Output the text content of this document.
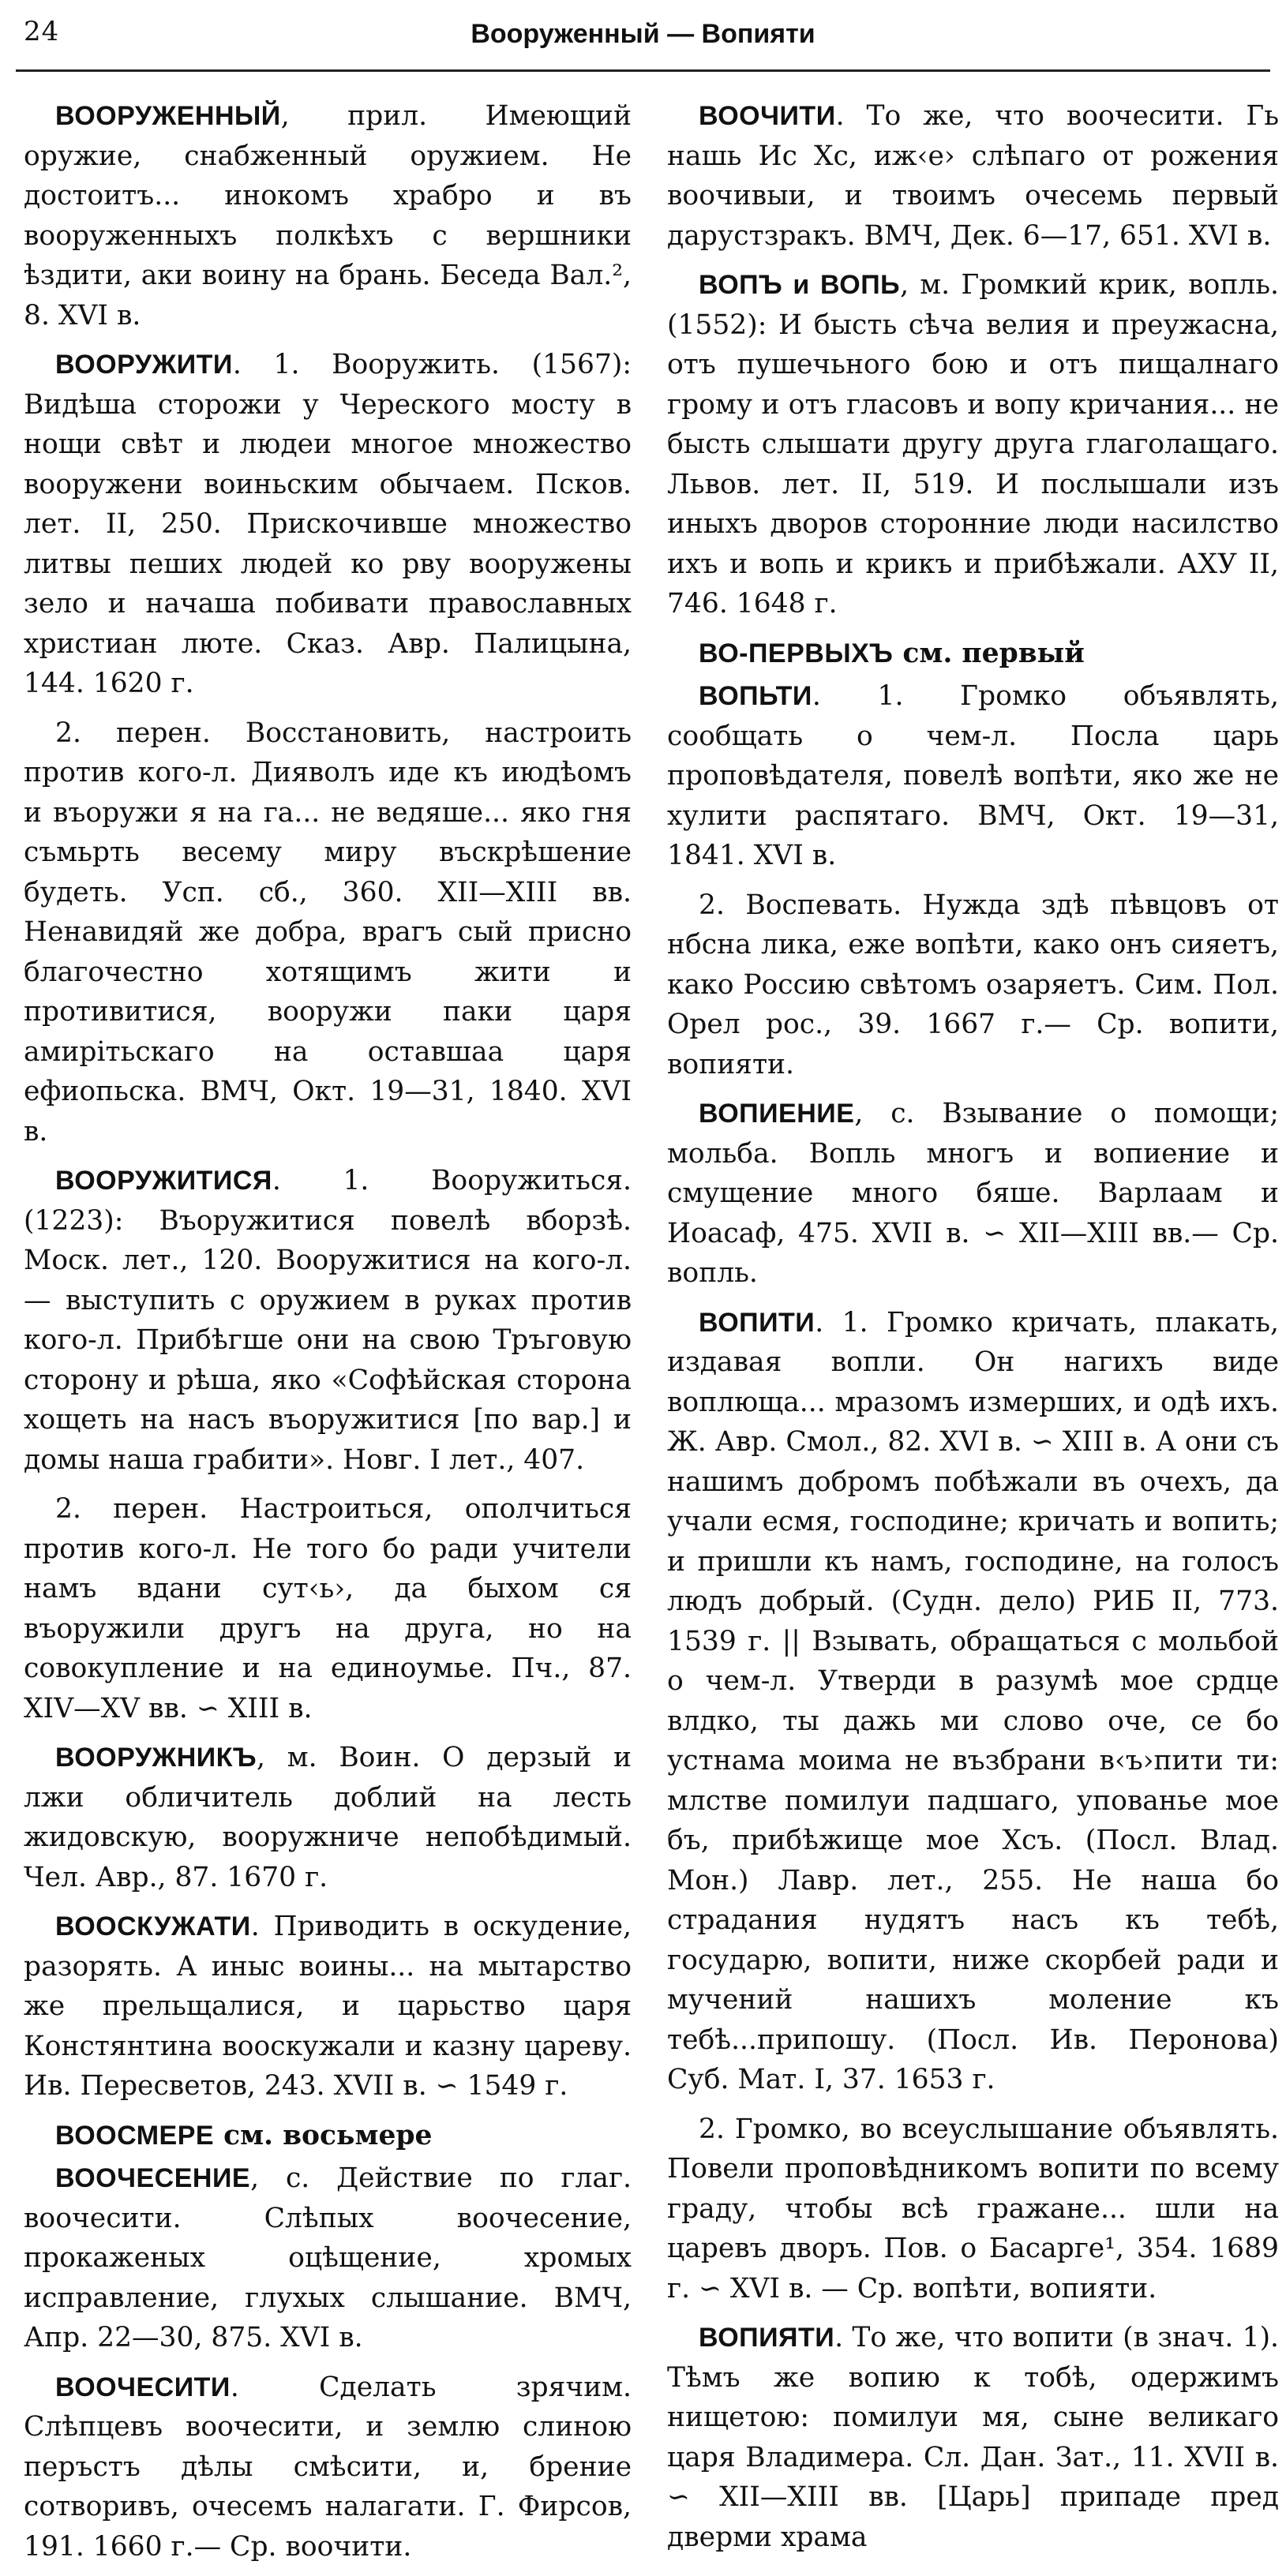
24	Вооруженный — Вопияти

ВООРУЖЕННЫЙ, прил. Имеющий оружие, снабженный оружием. Не достоитъ... инокомъ храбро и въ вооруженныхъ полкѣхъ с вершники ѣздити, аки воину на брань. Беседа Вал.², 8. XVI в.

ВООРУЖИТИ. 1. Вооружить. (1567): Видѣша сторожи у Череского мосту в нощи свѣт и людеи многое множество вооружени воиньским обычаем. Псков. лет. II, 250. Прискочивше множество литвы пеших людей ко рву вооружены зело и начаша побивати православных христиан люте. Сказ. Авр. Палицына, 144. 1620 г.

2. перен. Восстановить, настроить против кого-л. Дияволъ иде къ июдѣомъ и въоружи я на га... не ведяше... яко гня съмьрть весему миру въскрѣшение будеть. Усп. сб., 360. XII—XIII вв. Ненавидяй же добра, врагъ сый присно благочестно хотящимъ жити и противитися, вооружи паки царя амирітьскаго на оставшаа царя ефиопьска. ВМЧ, Окт. 19—31, 1840. XVI в.

ВООРУЖИТИСЯ. 1. Вооружиться. (1223): Въоружитися повелѣ вборзѣ. Моск. лет., 120. Вооружитися на кого-л.— выступить с оружием в руках против кого-л. Прибѣгше они на свою Тръговую сторону и рѣша, яко «Софѣйская сторона хощеть на насъ въоружитися [по вар.] и домы наша грабити». Новг. I лет., 407.

2. перен. Настроиться, ополчиться против кого-л. Не того бо ради учители намъ вдани сут‹ь›, да быхом ся въоружили другъ на друга, но на совокупление и на единоумье. Пч., 87. XIV—XV вв. ∽ XIII в.

ВООРУЖНИКЪ, м. Воин. О дерзый и лжи обличитель доблий на лесть жидовскую, вооружниче непобѣдимый. Чел. Авр., 87. 1670 г.

ВООСКУЖАТИ. Приводить в оскудение, разорять. А иныс воины... на мытарство же прельщалися, и царьство царя Констянтина вооскужали и казну цареву. Ив. Пересветов, 243. XVII в. ∽ 1549 г.

ВООСМЕРЕ см. восьмере

ВООЧЕСЕНИЕ, с. Действие по глаг. воочесити. Слѣпых воочесение, прокаженых оцѣщение, хромых исправление, глухых слышание. ВМЧ, Апр. 22—30, 875. XVI в.

ВООЧЕСИТИ. Сделать зрячим. Слѣпцевъ воочесити, и землю слиною перъстъ дѣлы смѣсити, и, брение сотворивъ, очесемъ налагати. Г. Фирсов, 191. 1660 г.— Ср. воочити.

ВООЧИТИ. То же, что воочесити. Гь нашь Ис Хс, иж‹е› слѣпаго от рожения воочивыи, и твоимъ очесемь первый дарустзракъ. ВМЧ, Дек. 6—17, 651. XVI в.

ВОПЪ и ВОПЬ, м. Громкий крик, вопль. (1552): И бысть сѣча велия и преужасна, отъ пушечьного бою и отъ пищалнаго грому и отъ гласовъ и вопу кричания... не бысть слышати другу друга глаголащаго. Львов. лет. II, 519. И послышали изъ иныхъ дворов сторонние люди насилство ихъ и вопь и крикъ и прибѣжали. АХУ II, 746. 1648 г.

ВО-ПЕРВЫХЪ см. первый

ВОПЬТИ. 1. Громко объявлять, сообщать о чем-л. Посла царь проповѣдателя, повелѣ вопѣти, яко же не хулити распятаго. ВМЧ, Окт. 19—31, 1841. XVI в.

2. Воспевать. Нужда здѣ пѣвцовъ от нбсна лика, еже вопѣти, како онъ сияетъ, како Россию свѣтомъ озаряетъ. Сим. Пол. Орел рос., 39. 1667 г.— Ср. вопити, вопияти.

ВОПИЕНИЕ, с. Взывание о помощи; мольба. Вопль многъ и вопиение и смущение много бяше. Варлаам и Иоасаф, 475. XVII в. ∽ XII—XIII вв.— Ср. вопль.

ВОПИТИ. 1. Громко кричать, плакать, издавая вопли. Он нагихъ виде воплюща... мразомъ измерших, и одѣ ихъ. Ж. Авр. Смол., 82. XVI в. ∽ XIII в. А они съ нашимъ добромъ побѣжали въ очехъ, да учали есмя, господине; кричать и вопить; и пришли къ намъ, господине, на голосъ людъ добрый. (Судн. дело) РИБ II, 773. 1539 г. || Взывать, обращаться с мольбой о чем-л. Утверди в разумѣ мое срдце влдко, ты дажь ми слово оче, се бо устнама моима не възбрани в‹ъ›пити ти: млстве помилуи падшаго, упованье мое бъ, прибѣжище мое Хсъ. (Посл. Влад. Мон.) Лавр. лет., 255. Не наша бо страдания нудятъ насъ къ тебѣ, государю, вопити, ниже скорбей ради и мучений нашихъ моление къ тебѣ...припошу. (Посл. Ив. Перонова) Суб. Мат. I, 37. 1653 г.

2. Громко, во всеуслышание объявлять. Повели проповѣдникомъ вопити по всему граду, чтобы всѣ гражане... шли на царевъ дворъ. Пов. о Басарге¹, 354. 1689 г. ∽ XVI в. — Ср. вопѣти, вопияти.

ВОПИЯТИ. То же, что вопити (в знач. 1). Тѣмъ же вопию к тобѣ, одержимъ нищетою: помилуи мя, сыне великаго царя Владимера. Сл. Дан. Зат., 11. XVII в. ∽ XII—XIII вв. [Царь] припаде пред дверми храма
